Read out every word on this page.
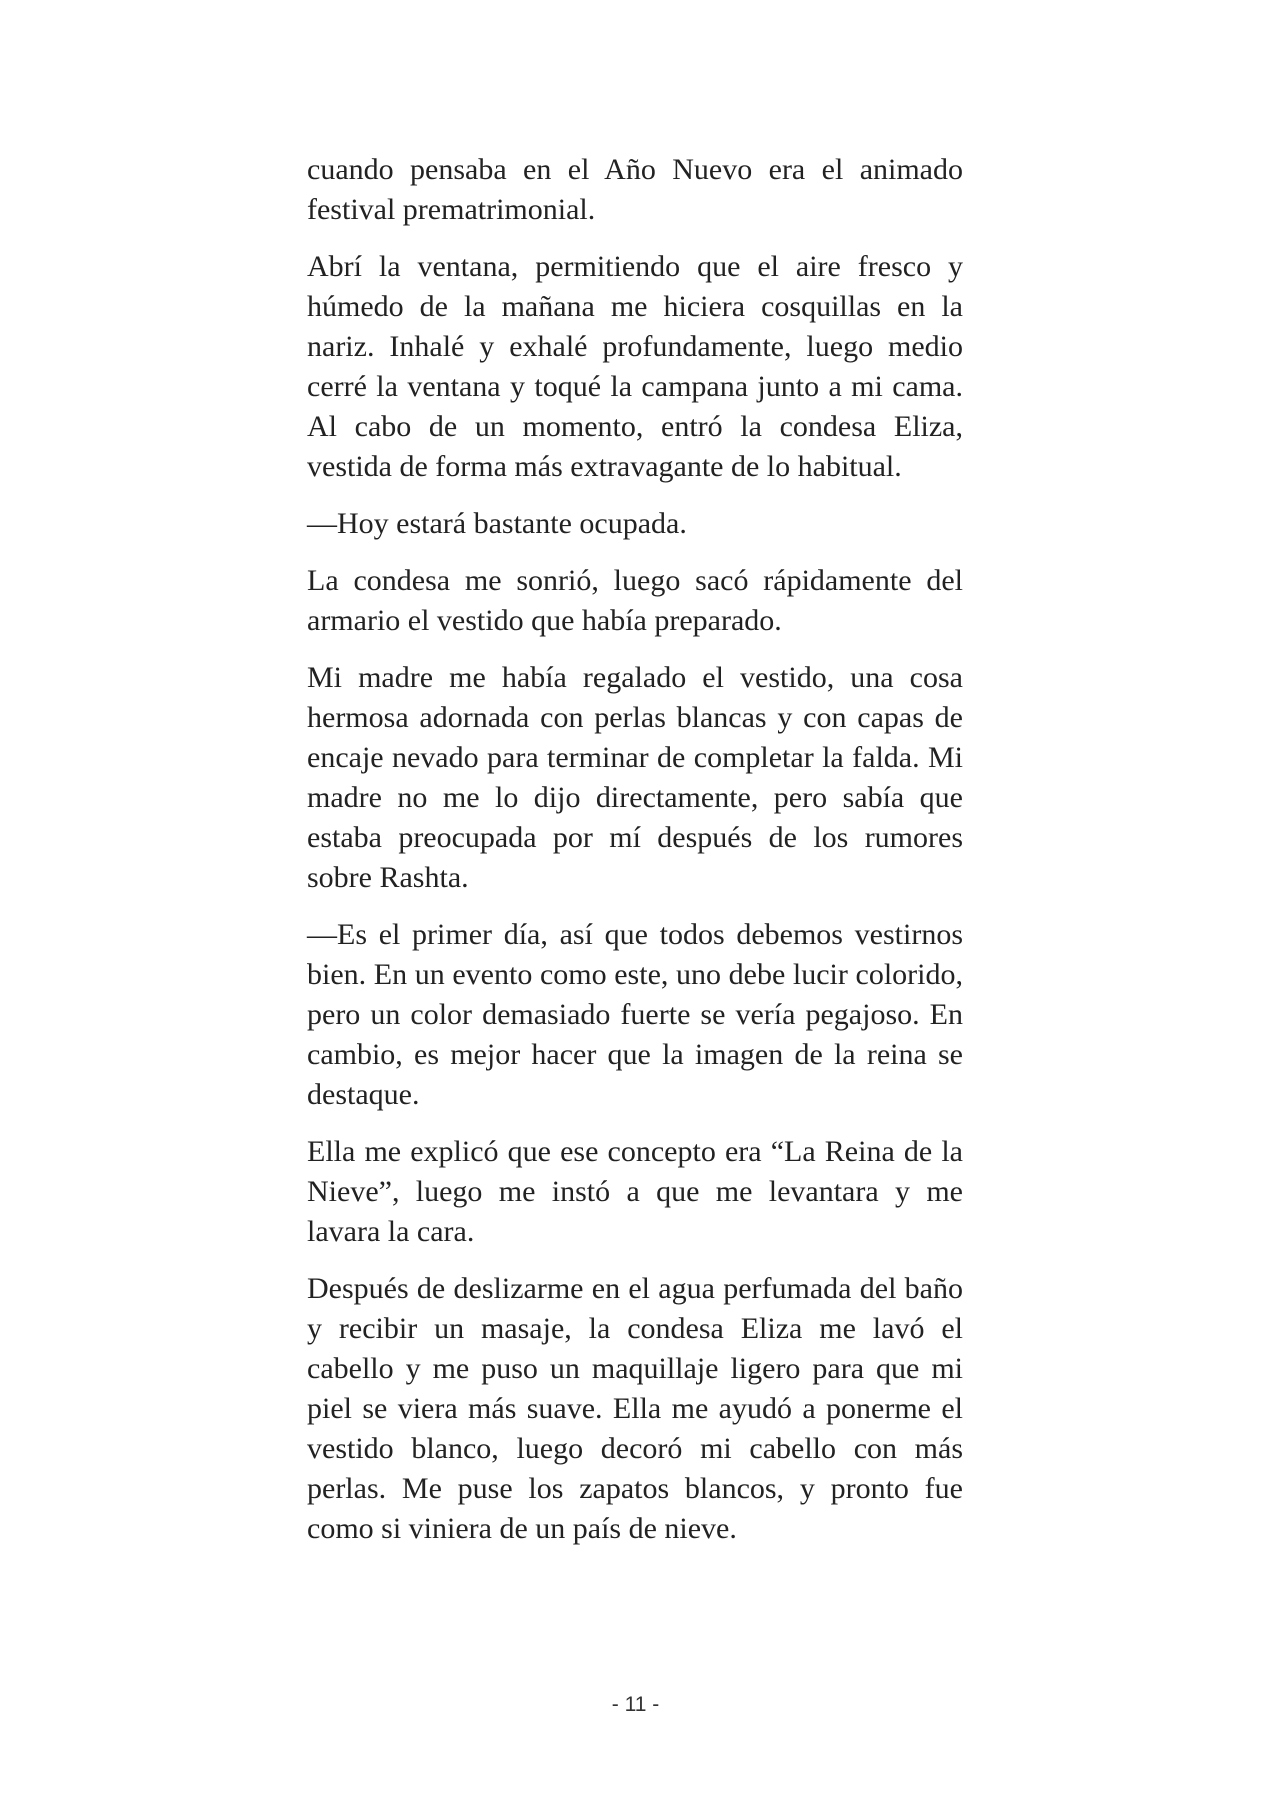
cuando pensaba en el Año Nuevo era el animado festival prematrimonial.

Abrí la ventana, permitiendo que el aire fresco y húmedo de la mañana me hiciera cosquillas en la nariz. Inhalé y exhalé profundamente, luego medio cerré la ventana y toqué la campana junto a mi cama. Al cabo de un momento, entró la condesa Eliza, vestida de forma más extravagante de lo habitual.

—Hoy estará bastante ocupada.

La condesa me sonrió, luego sacó rápidamente del armario el vestido que había preparado.

Mi madre me había regalado el vestido, una cosa hermosa adornada con perlas blancas y con capas de encaje nevado para terminar de completar la falda. Mi madre no me lo dijo directamente, pero sabía que estaba preocupada por mí después de los rumores sobre Rashta.

—Es el primer día, así que todos debemos vestirnos bien. En un evento como este, uno debe lucir colorido, pero un color demasiado fuerte se vería pegajoso. En cambio, es mejor hacer que la imagen de la reina se destaque.

Ella me explicó que ese concepto era “La Reina de la Nieve”, luego me instó a que me levantara y me lavara la cara.

Después de deslizarme en el agua perfumada del baño y recibir un masaje, la condesa Eliza me lavó el cabello y me puso un maquillaje ligero para que mi piel se viera más suave. Ella me ayudó a ponerme el vestido blanco, luego decoró mi cabello con más perlas. Me puse los zapatos blancos, y pronto fue como si viniera de un país de nieve.

- 11 -
